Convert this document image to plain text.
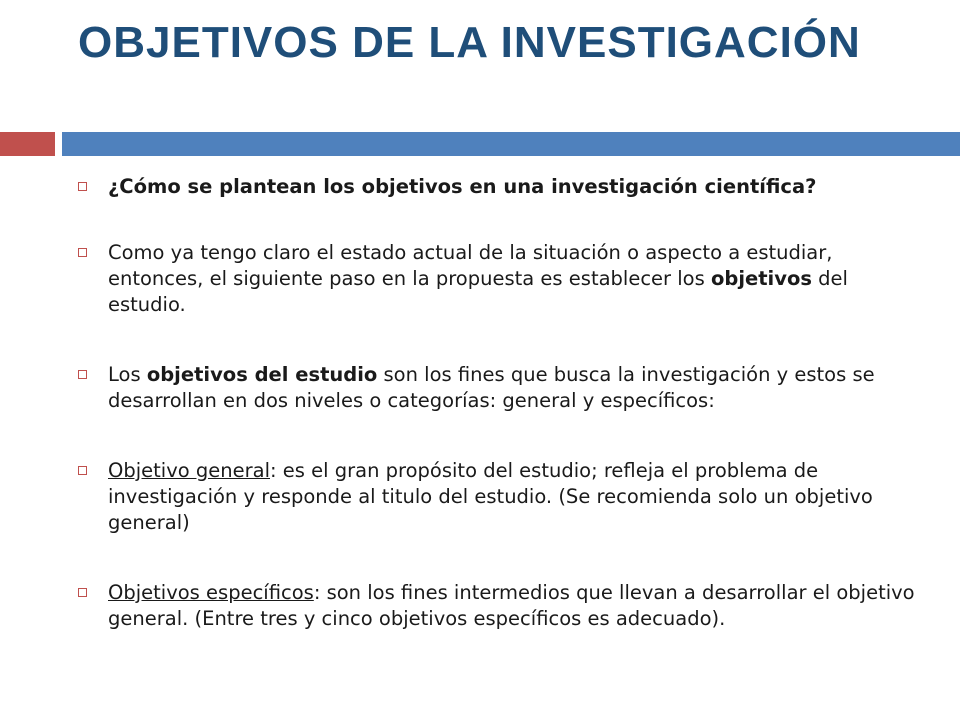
OBJETIVOS DE LA INVESTIGACIÓN
¿Cómo se plantean los objetivos en una investigación científica?
Como ya tengo claro el estado actual de la situación o aspecto a estudiar, entonces, el siguiente paso en la propuesta es establecer los objetivos del estudio.
Los objetivos del estudio son los fines que busca la investigación y estos se desarrollan en dos niveles o categorías: general y específicos:
Objetivo general: es el gran propósito del estudio; refleja el problema de investigación y responde al titulo del estudio. (Se recomienda solo un objetivo general)
Objetivos específicos: son los fines intermedios que llevan a desarrollar el objetivo general. (Entre tres y cinco objetivos específicos es adecuado).
